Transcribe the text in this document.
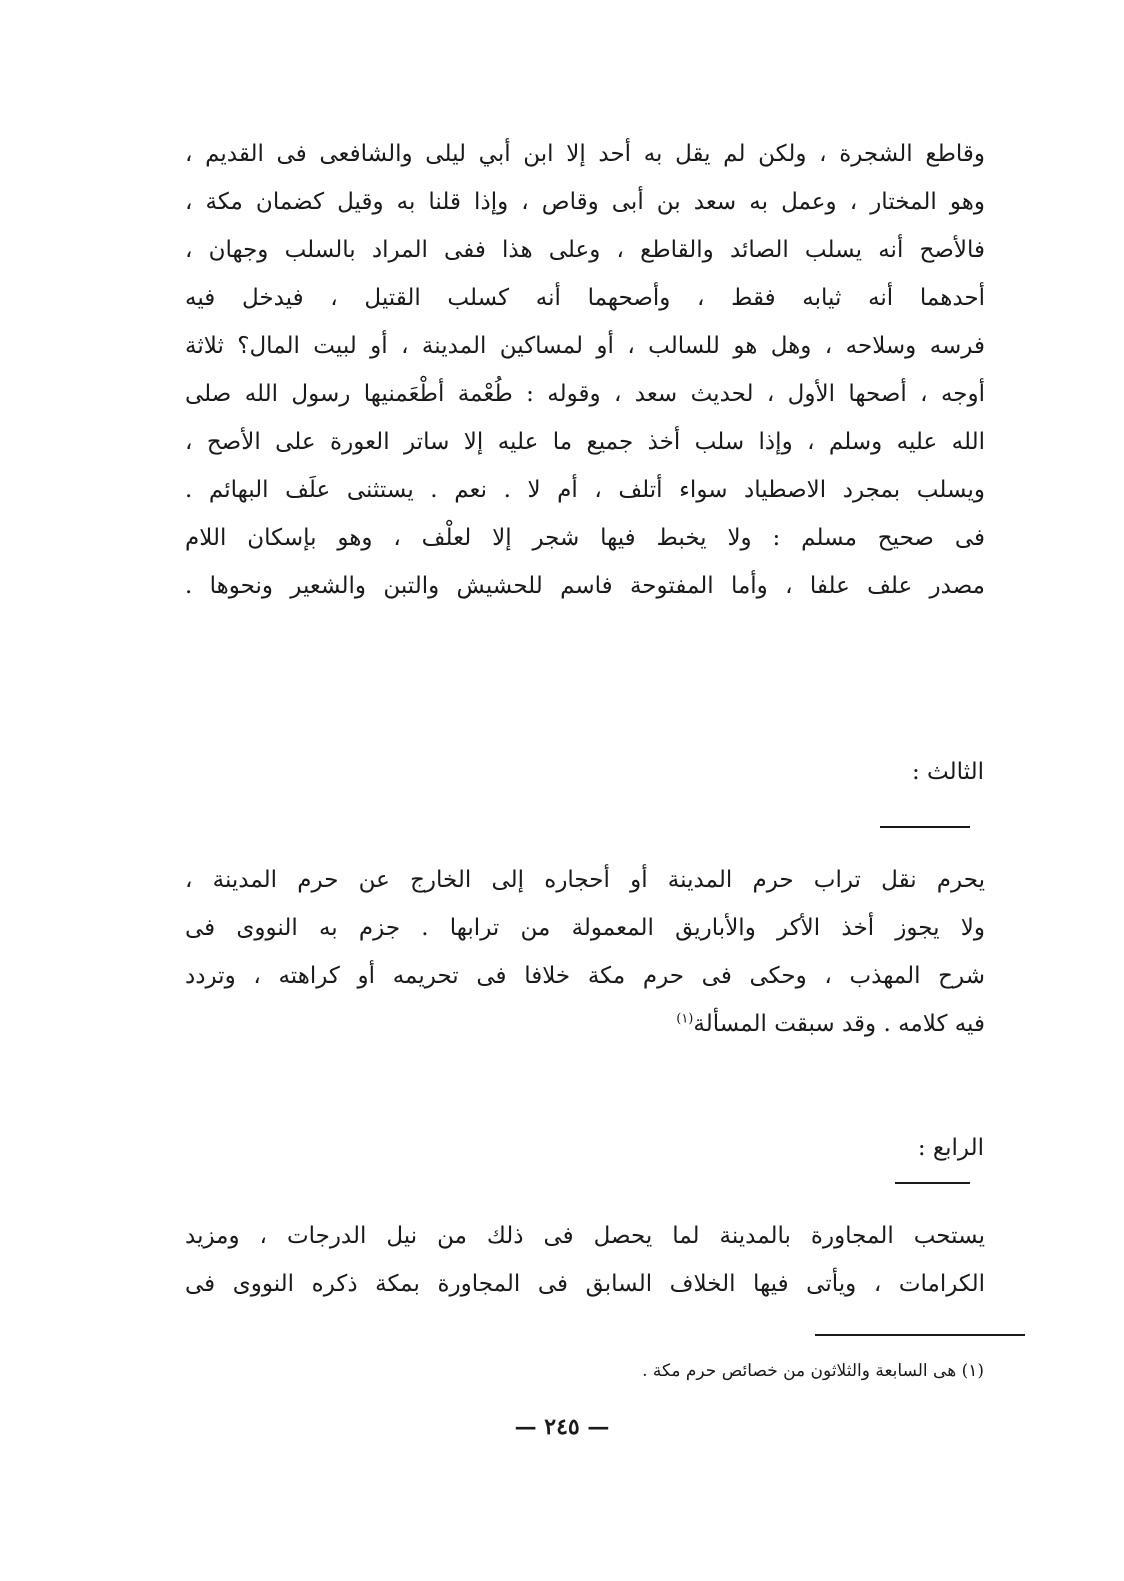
وقاطع الشجرة ، ولكن لم يقل به أحد إلا ابن أبي ليلى والشافعى فى القديم ،
وهو المختار ، وعمل به سعد بن أبى وقاص ، وإذا قلنا به وقيل كضمان مكة ،
فالأصح أنه يسلب الصائد والقاطع ، وعلى هذا ففى المراد بالسلب وجهان ،
أحدهما أنه ثيابه فقط ، وأصحهما أنه كسلب القتيل ، فيدخل فيه
فرسه وسلاحه ، وهل هو للسالب ، أو لمساكين المدينة ، أو لبيت المال؟ ثلاثة
أوجه ، أصحها الأول ، لحديث سعد ، وقوله : طُعْمة أطْعَمنيها رسول الله صلى
الله عليه وسلم ، وإذا سلب أخذ جميع ما عليه إلا ساتر العورة على الأصح ،
ويسلب بمجرد الاصطياد سواء أتلف ، أم لا . نعم . يستثنى علَف البهائم .
فى صحيح مسلم : ولا يخبط فيها شجر إلا لعلْف ، وهو بإسكان اللام
مصدر علف علفا ، وأما المفتوحة فاسم للحشيش والتبن والشعير ونحوها .
الثالث :
يحرم نقل تراب حرم المدينة أو أحجاره إلى الخارج عن حرم المدينة ،
ولا يجوز أخذ الأكر والأباريق المعمولة من ترابها . جزم به النووى فى
شرح المهذب ، وحكى فى حرم مكة خلافا فى تحريمه أو كراهته ، وتردد
فيه كلامه . وقد سبقت المسألة$^{(١)}$
الرابع :
يستحب المجاورة بالمدينة لما يحصل فى ذلك من نيل الدرجات ، ومزيد
الكرامات ، ويأتى فيها الخلاف السابق فى المجاورة بمكة ذكره النووى فى
(١) هى السابعة والثلاثون من خصائص حرم مكة .
— ٢٤٥ —
